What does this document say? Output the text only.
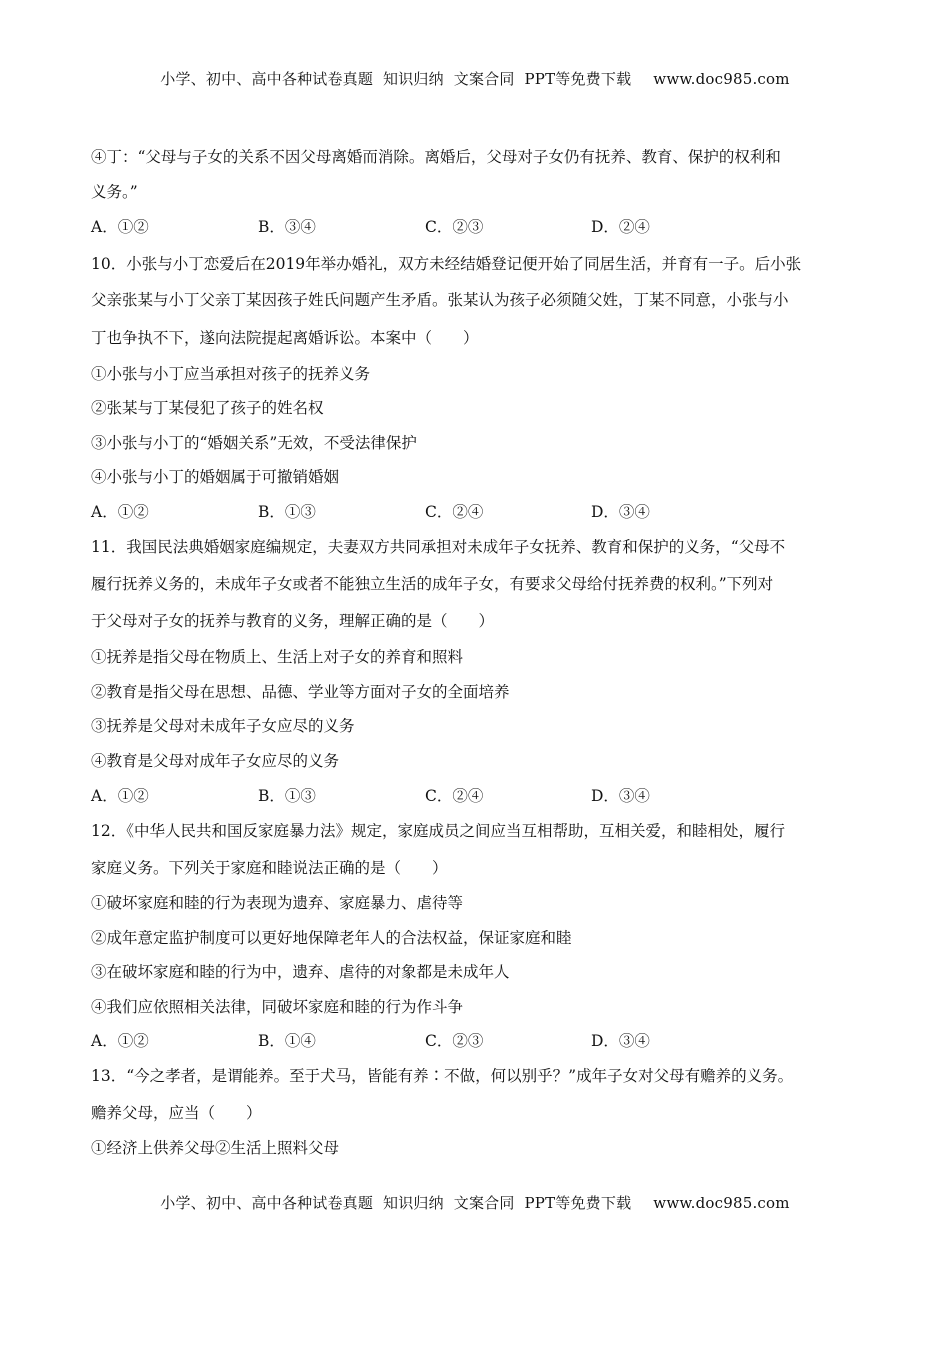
小学、初中、高中各种试卷真题  知识归纳  文案合同  PPT等免费下载 www.doc985.com
④丁：“父母与子女的关系不因父母离婚而消除。离婚后，父母对子女仍有抚养、教育、保护的权利和
义务。”
A．①②	B．③④	C．②③	D．②④
10．小张与小丁恋爱后在2019年举办婚礼，双方未经结婚登记便开始了同居生活，并育有一子。后小张
父亲张某与小丁父亲丁某因孩子姓氏问题产生矛盾。张某认为孩子必须随父姓，丁某不同意，小张与小
丁也争执不下，遂向法院提起离婚诉讼。本案中（　　）
①小张与小丁应当承担对孩子的抚养义务
②张某与丁某侵犯了孩子的姓名权
③小张与小丁的“婚姻关系”无效，不受法律保护
④小张与小丁的婚姻属于可撤销婚姻
A．①②	B．①③	C．②④	D．③④
11．我国民法典婚姻家庭编规定，夫妻双方共同承担对未成年子女抚养、教育和保护的义务，“父母不
履行抚养义务的，未成年子女或者不能独立生活的成年子女，有要求父母给付抚养费的权利。”下列对
于父母对子女的抚养与教育的义务，理解正确的是（　　）
①抚养是指父母在物质上、生活上对子女的养育和照料
②教育是指父母在思想、品德、学业等方面对子女的全面培养
③抚养是父母对未成年子女应尽的义务
④教育是父母对成年子女应尽的义务
A．①②	B．①③	C．②④	D．③④
12．《中华人民共和国反家庭暴力法》规定，家庭成员之间应当互相帮助，互相关爱，和睦相处，履行
家庭义务。下列关于家庭和睦说法正确的是（　　）
①破坏家庭和睦的行为表现为遗弃、家庭暴力、虐待等
②成年意定监护制度可以更好地保障老年人的合法权益，保证家庭和睦
③在破坏家庭和睦的行为中，遗弃、虐待的对象都是未成年人
④我们应依照相关法律，同破坏家庭和睦的行为作斗争
A．①②	B．①④	C．②③	D．③④
13．“今之孝者，是谓能养。至于犬马，皆能有养∶不做，何以别乎？”成年子女对父母有赡养的义务。
赡养父母，应当（　　）
①经济上供养父母②生活上照料父母
小学、初中、高中各种试卷真题  知识归纳  文案合同  PPT等免费下载 www.doc985.com
